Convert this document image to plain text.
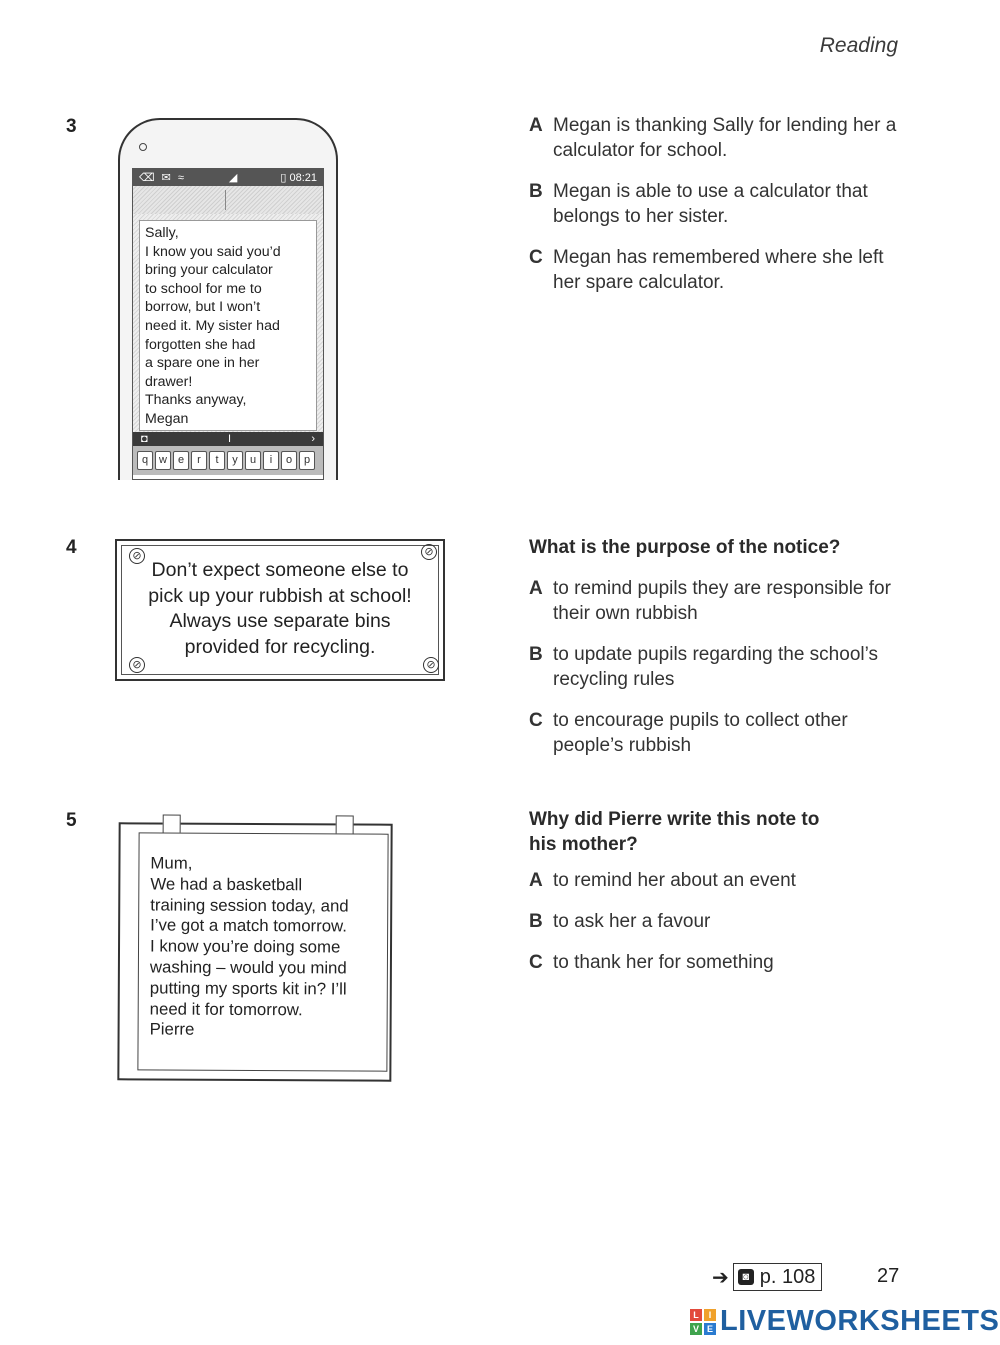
Reading
3
⌫ ✉ ≈	◢	▯ 08:21
Sally,
I know you said you’d
bring your calculator
to school for me to
borrow, but I won’t
need it. My sister had
forgotten she had
a spare one in her
drawer!
Thanks anyway,
Megan
◘	I	›
q w e	r	t	y	u	i	o	p
A Megan is thanking Sally for lending her a calculator for school.
B Megan is able to use a calculator that belongs to her sister.
C Megan has remembered where she left her spare calculator.
4	⊘	⊘
⊘	⊘
Don’t expect someone else to
pick up your rubbish at school!
Always use separate bins
provided for recycling.
What is the purpose of the notice?
A to remind pupils they are responsible for their own rubbish
B to update pupils regarding the school’s recycling rules
C to encourage pupils to collect other people’s rubbish
5
Mum,
We had a basketball
training session today, and
I’ve got a match tomorrow.
I know you’re doing some
washing – would you mind
putting my sports kit in? I’ll
need it for tomorrow.
Pierre
Why did Pierre write this note to his mother?
A to remind her about an event
B to ask her a favour
C to thank her for something
➔	◙ p. 108	27
L	I
V E LIVEWORKSHEETS
